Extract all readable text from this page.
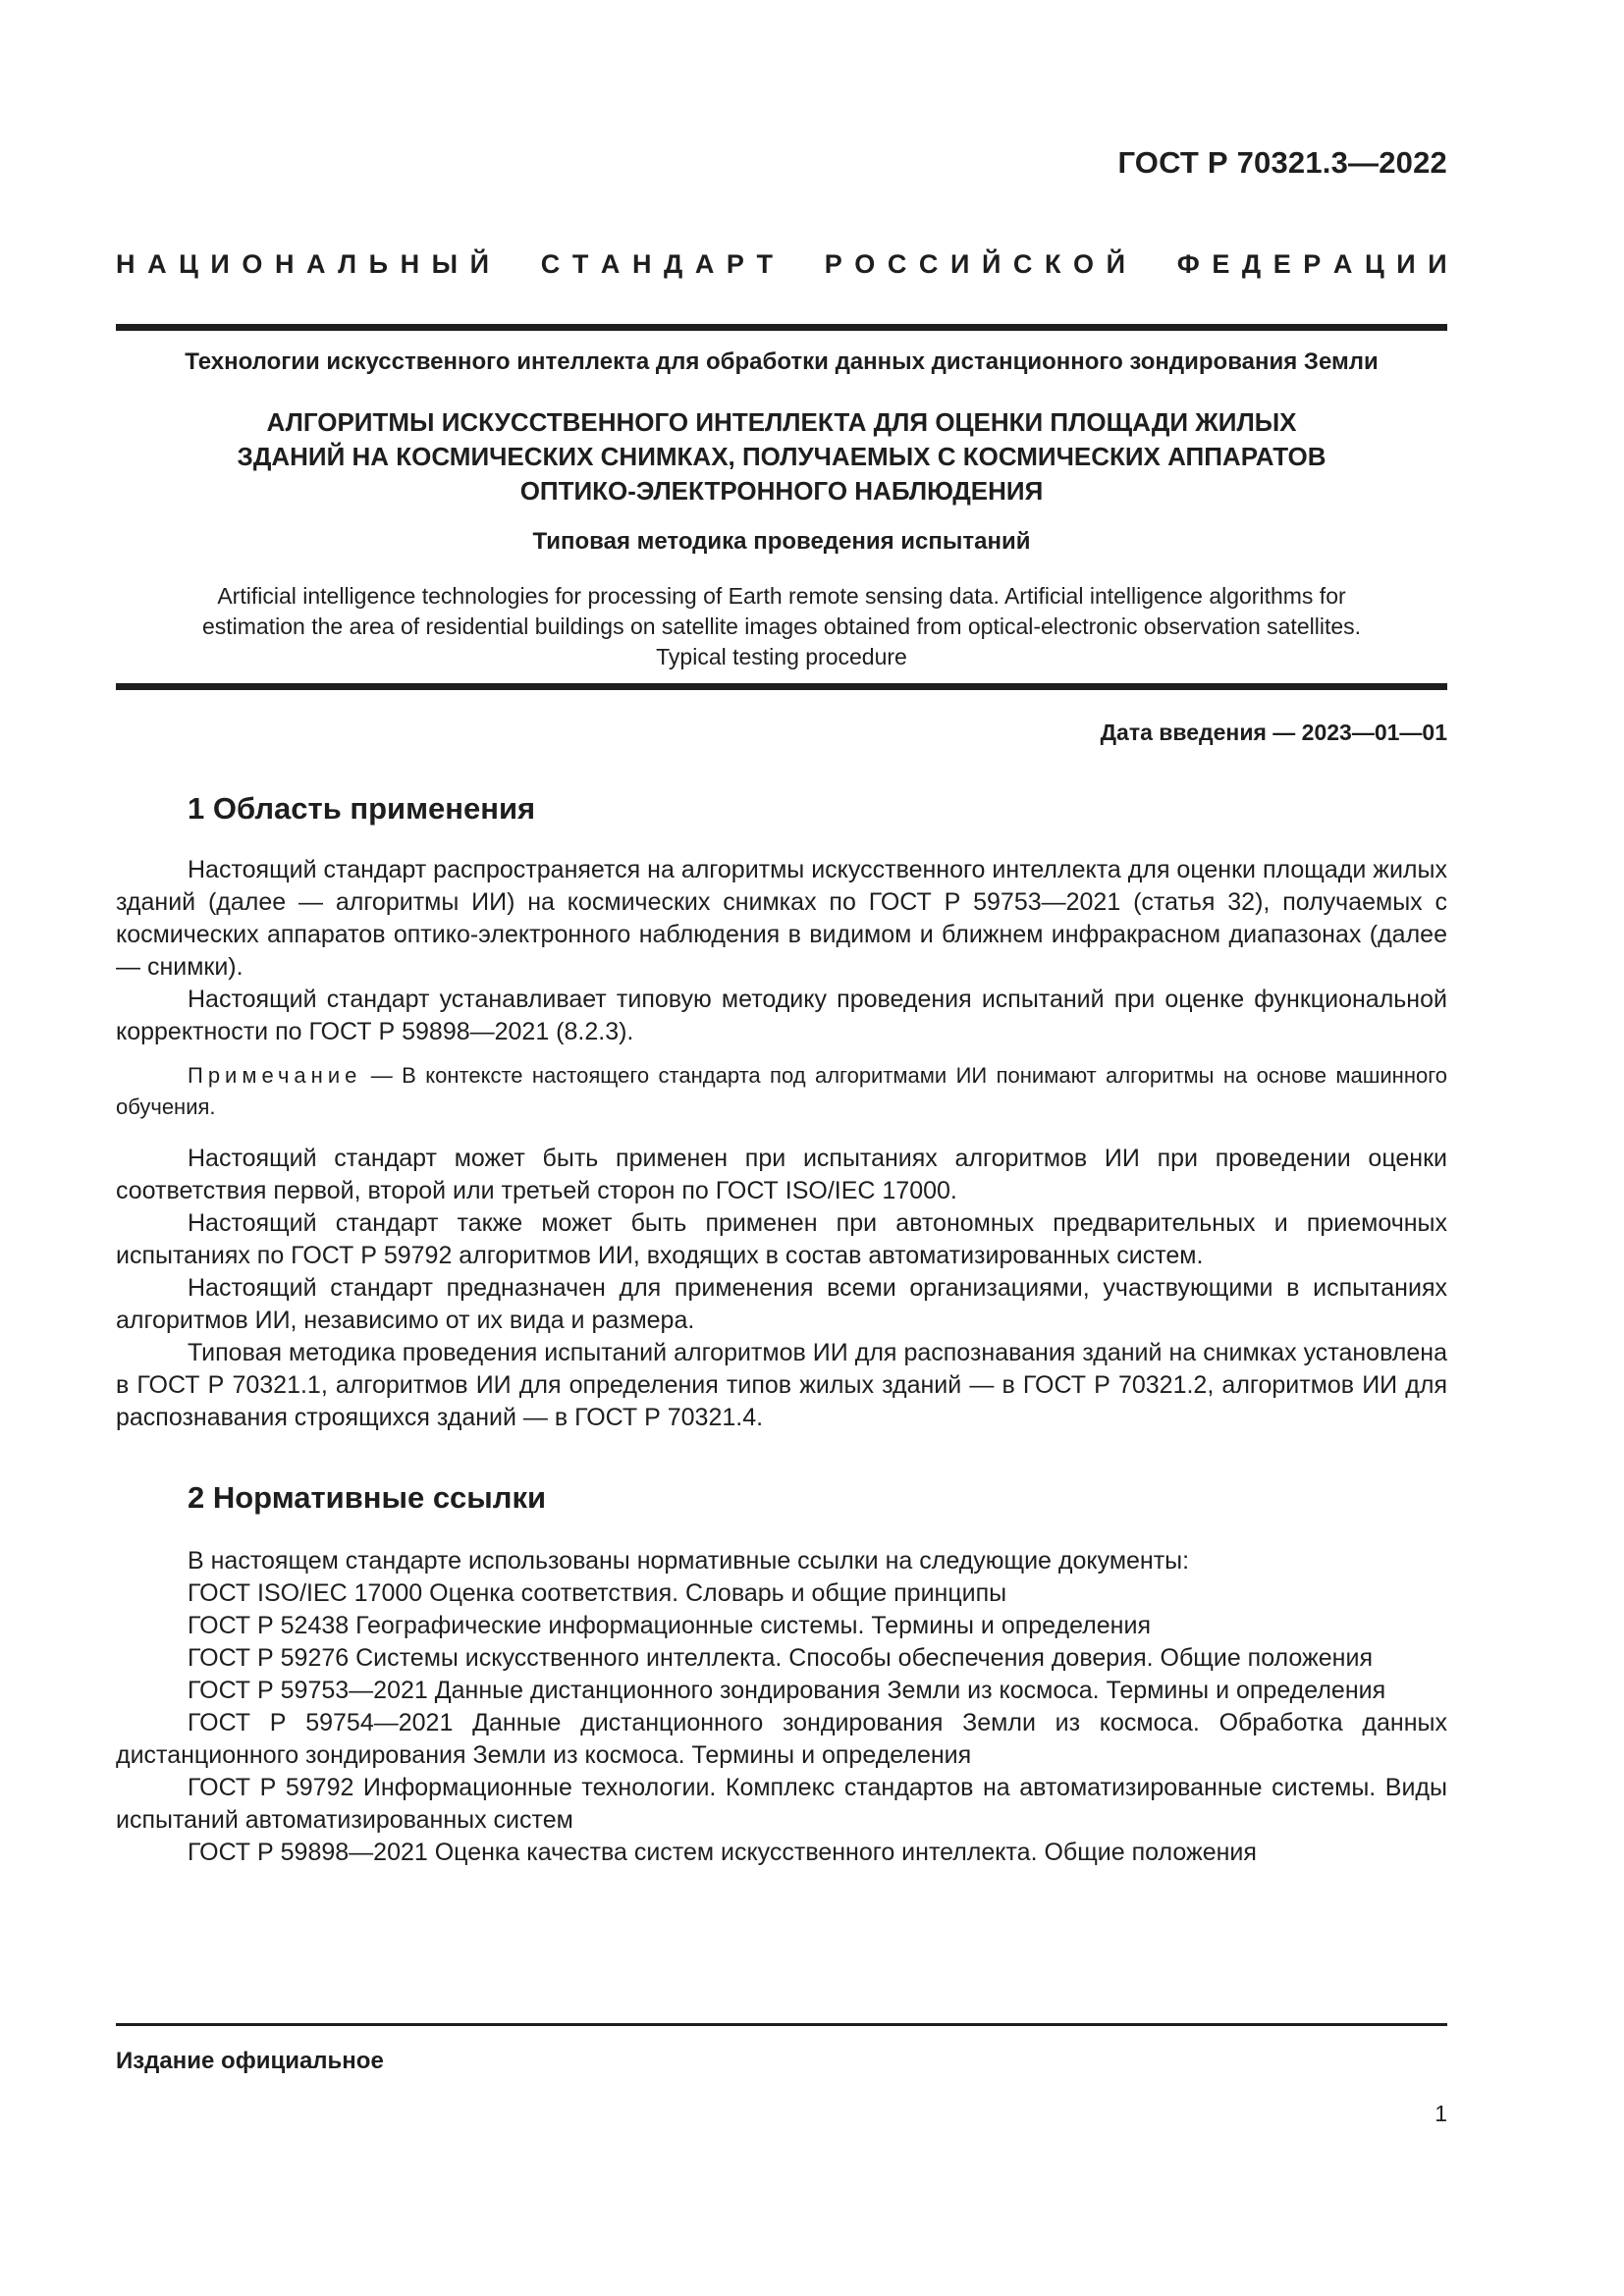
ГОСТ Р 70321.3—2022
Н А Ц И О Н А Л Ь Н Ы Й

С Т А Н Д А Р Т

Р О С С И Й С К О Й

Ф Е Д Е Р А Ц И И
Технологии искусственного интеллекта для обработки данных дистанционного зондирования Земли
АЛГОРИТМЫ ИСКУССТВЕННОГО ИНТЕЛЛЕКТА ДЛЯ ОЦЕНКИ ПЛОЩАДИ ЖИЛЫХ
ЗДАНИЙ НА КОСМИЧЕСКИХ СНИМКАХ, ПОЛУЧАЕМЫХ С КОСМИЧЕСКИХ АППАРАТОВ
ОПТИКО-ЭЛЕКТРОННОГО НАБЛЮДЕНИЯ
Типовая методика проведения испытаний
Artificial intelligence technologies for processing of Earth remote sensing data. Artificial intelligence algorithms for
estimation the area of residential buildings on satellite images obtained from optical-electronic observation satellites.
Typical testing procedure
Дата введения — 2023—01—01
1 Область применения

Настоящий стандарт распространяется на алгоритмы искусственного интеллекта для оценки площади жилых зданий (далее — алгоритмы ИИ) на космических снимках по ГОСТ Р 59753—2021 (статья 32), получаемых с космических аппаратов оптико-электронного наблюдения в видимом и ближнем инфракрасном диапазонах (далее — снимки).

Настоящий стандарт устанавливает типовую методику проведения испытаний при оценке функциональной корректности по ГОСТ Р 59898—2021 (8.2.3).

Примечание — В контексте настоящего стандарта под алгоритмами ИИ понимают алгоритмы на основе машинного обучения.

Настоящий стандарт может быть применен при испытаниях алгоритмов ИИ при проведении оценки соответствия первой, второй или третьей сторон по ГОСТ ISO/IEC 17000.

Настоящий стандарт также может быть применен при автономных предварительных и приемочных испытаниях по ГОСТ Р 59792 алгоритмов ИИ, входящих в состав автоматизированных систем.

Настоящий стандарт предназначен для применения всеми организациями, участвующими в испытаниях алгоритмов ИИ, независимо от их вида и размера.

Типовая методика проведения испытаний алгоритмов ИИ для распознавания зданий на снимках установлена в ГОСТ Р 70321.1, алгоритмов ИИ для определения типов жилых зданий — в ГОСТ Р 70321.2, алгоритмов ИИ для распознавания строящихся зданий — в ГОСТ Р 70321.4.

2 Нормативные ссылки

В настоящем стандарте использованы нормативные ссылки на следующие документы:

ГОСТ ISO/IEC 17000 Оценка соответствия. Словарь и общие принципы

ГОСТ Р 52438 Географические информационные системы. Термины и определения

ГОСТ Р 59276 Системы искусственного интеллекта. Способы обеспечения доверия. Общие положения

ГОСТ Р 59753—2021 Данные дистанционного зондирования Земли из космоса. Термины и определения

ГОСТ Р 59754—2021 Данные дистанционного зондирования Земли из космоса. Обработка данных дистанционного зондирования Земли из космоса. Термины и определения

ГОСТ Р 59792 Информационные технологии. Комплекс стандартов на автоматизированные системы. Виды испытаний автоматизированных систем

ГОСТ Р 59898—2021 Оценка качества систем искусственного интеллекта. Общие положения

Издание официальное
1
